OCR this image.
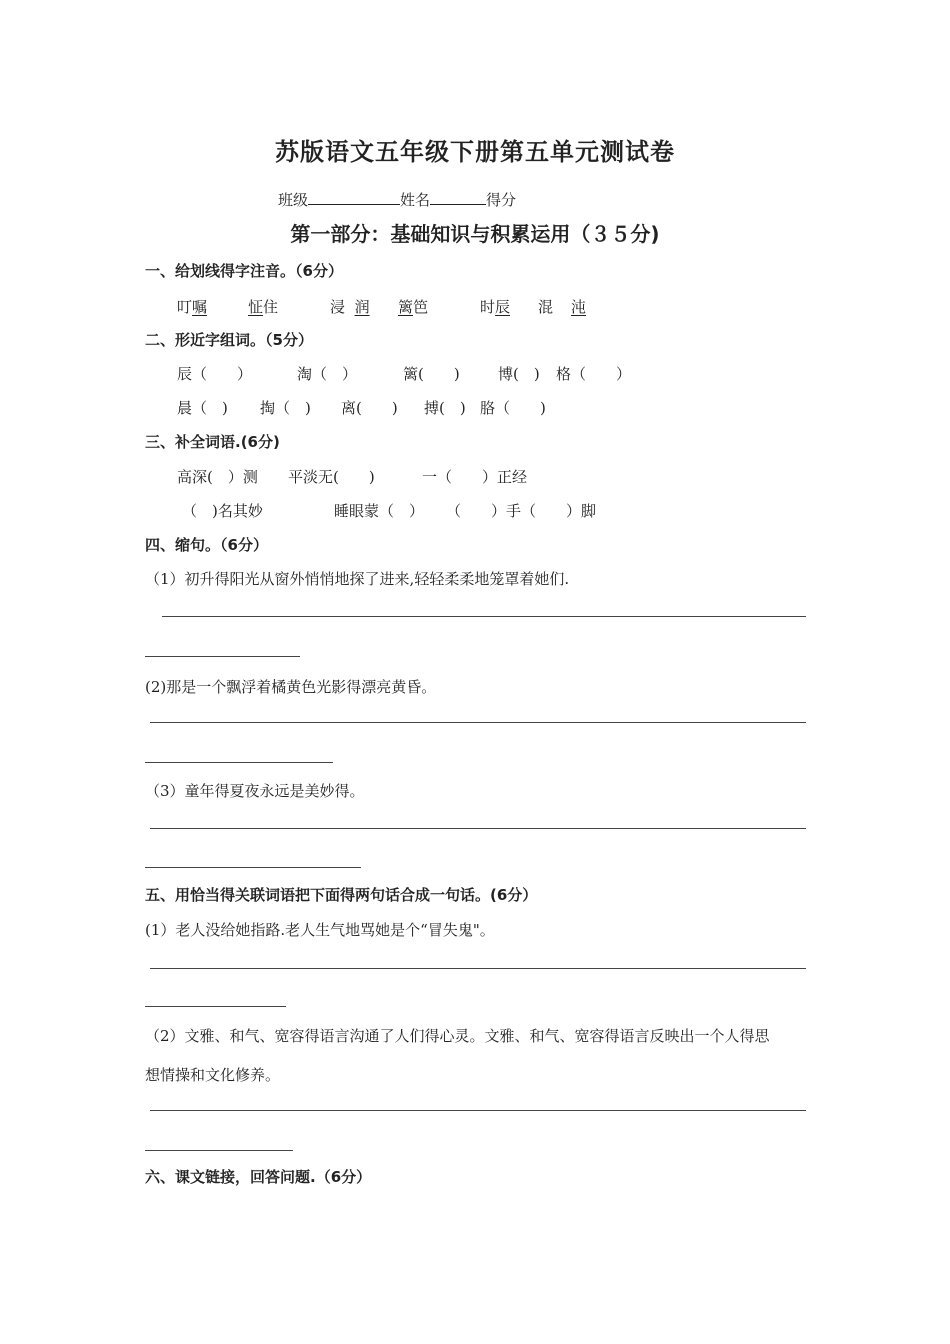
苏版语文五年级下册第五单元测试卷
班级	姓名	得分
第一部分：基础知识与积累运用（３５分)
一、给划线得字注音。（6分）
叮嘱	怔住	浸 润 篱笆	时辰 混 沌
二、形近字组词。（5分）
辰（　　）	淘（　）	篱(　　)	博(　) 格（　　）
晨（　) 掏（　) 离(　　) 搏(　) 胳（　　)
三、补全词语.(6分)
高深(　）测 平淡无(　　)	一（　　）正经
（　)名其妙	睡眼蒙（　） （　　）手（　　）脚
四、缩句。（6分）
（1）初升得阳光从窗外悄悄地探了进来,轻轻柔柔地笼罩着她们.
(2)那是一个飘浮着橘黄色光影得漂亮黄昏。
（3）童年得夏夜永远是美妙得。
五、用恰当得关联词语把下面得两句话合成一句话。(6分）
(1）老人没给她指路.老人生气地骂她是个“冒失鬼"。
（2）文雅、和气、宽容得语言沟通了人们得心灵。文雅、和气、宽容得语言反映出一个人得思
想情操和文化修养。
六、课文链接，回答问题.（6分）
